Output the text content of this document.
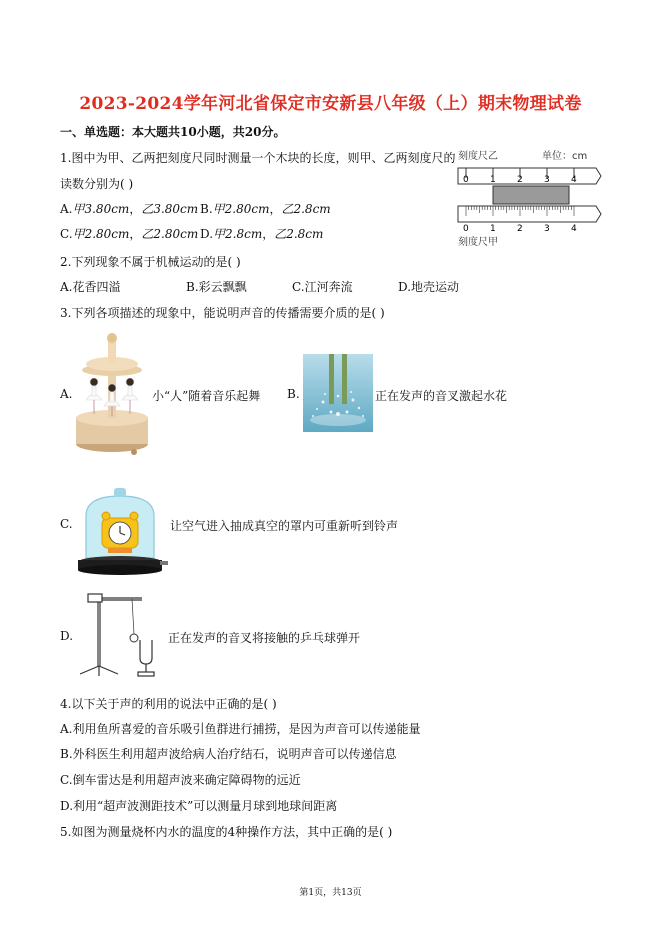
2023-2024学年河北省保定市安新县八年级（上）期末物理试卷
一、单选题：本大题共10小题，共20分。
1.图中为甲、乙两把刻度尺同时测量一个木块的长度，则甲、乙两刻度尺的
读数分别为( )
A.甲3.80cm，乙3.80cm B.甲2.80cm，乙2.8cm
C.甲2.80cm，乙2.80cm D.甲2.8cm，乙2.8cm
刻度尺乙	单位：cm
0 1 2 3 4
0 1 2 3 4
刻度尺甲
2.下列现象不属于机械运动的是( )
A.花香四溢	B.彩云飘飘	C.江河奔流	D.地壳运动
3.下列各项描述的现象中，能说明声音的传播需要介质的是( )
A.	小“人”随着音乐起舞 B.	正在发声的音叉激起水花
C.	让空气进入抽成真空的罩内可重新听到铃声
D.	正在发声的音叉将接触的乒乓球弹开
4.以下关于声的利用的说法中正确的是( )
A.利用鱼所喜爱的音乐吸引鱼群进行捕捞，是因为声音可以传递能量
B.外科医生利用超声波给病人治疗结石，说明声音可以传递信息
C.倒车雷达是利用超声波来确定障碍物的远近
D.利用“超声波测距技术”可以测量月球到地球间距离
5.如图为测量烧杯内水的温度的4种操作方法，其中正确的是( )
第1页，共13页
